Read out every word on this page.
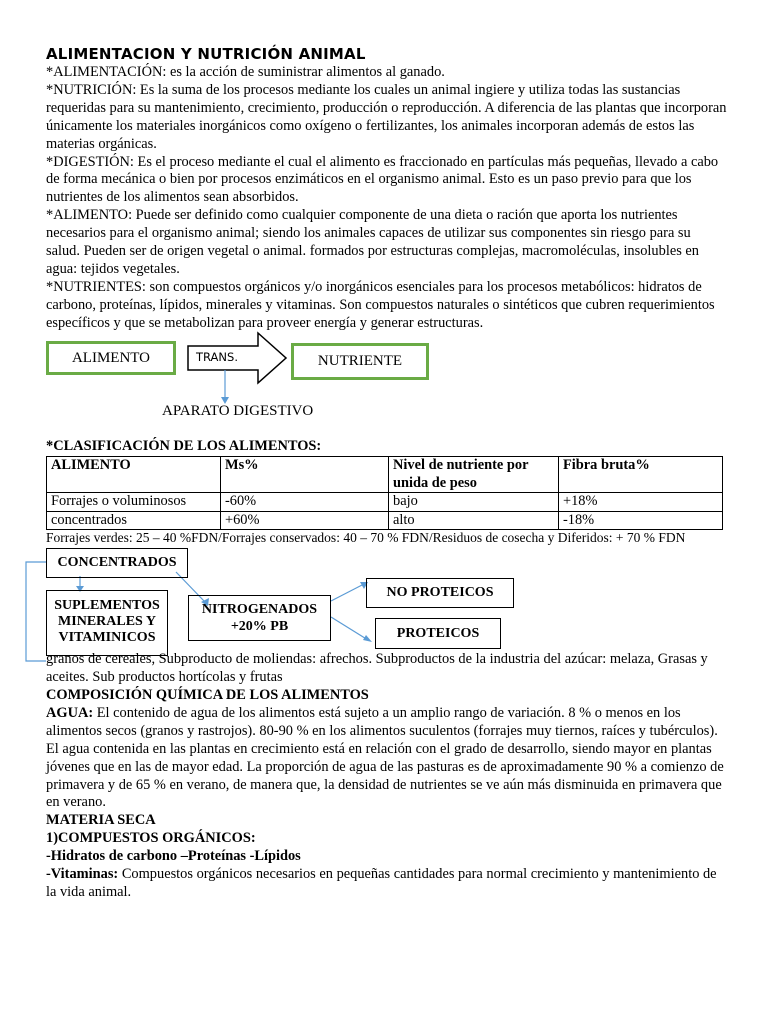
ALIMENTACION Y NUTRICIÓN ANIMAL
*ALIMENTACIÓN: es la acción de suministrar alimentos al ganado.
*NUTRICIÓN: Es la suma de los procesos mediante los cuales un animal ingiere y utiliza todas las sustancias requeridas para su mantenimiento, crecimiento, producción o reproducción. A diferencia de las plantas que incorporan únicamente los materiales inorgánicos como oxígeno o fertilizantes, los animales incorporan además de estos las materias orgánicas.
*DIGESTIÓN: Es el proceso mediante el cual el alimento es fraccionado en partículas más pequeñas, llevado a cabo de forma mecánica o bien por procesos enzimáticos en el organismo animal. Esto es un paso previo para que los nutrientes de los alimentos sean absorbidos.
*ALIMENTO: Puede ser definido como cualquier componente de una dieta o ración que aporta los nutrientes necesarios para el organismo animal; siendo los animales capaces de utilizar sus componentes sin riesgo para su salud. Pueden ser de origen vegetal o animal. formados por estructuras complejas, macromoléculas, insolubles en agua: tejidos vegetales.
*NUTRIENTES: son compuestos orgánicos y/o inorgánicos esenciales para los procesos metabólicos: hidratos de carbono, proteínas, lípidos, minerales y vitaminas. Son compuestos naturales o sintéticos que cubren requerimientos específicos y que se metabolizan para proveer energía y generar estructuras.
ALIMENTO	TRANS.	NUTRIENTE
APARATO DIGESTIVO
*CLASIFICACIÓN DE LOS ALIMENTOS:
ALIMENTO	Ms%	Nivel de nutriente por unida de peso	Fibra bruta%
Forrajes o voluminosos	-60%	bajo	+18%
concentrados	+60%	alto	-18%
Forrajes verdes: 25 – 40 %FDN/Forrajes conservados: 40 – 70 % FDN/Residuos de cosecha y Diferidos: + 70 % FDN
CONCENTRADOS
SUPLEMENTOS MINERALES Y VITAMINICOS
NITROGENADOS +20% PB
NO PROTEICOS
PROTEICOS
granos de cereales, Subproducto de moliendas: afrechos. Subproductos de la industria del azúcar: melaza, Grasas y aceites. Sub productos hortícolas y frutas
COMPOSICIÓN QUÍMICA DE LOS ALIMENTOS
AGUA: El contenido de agua de los alimentos está sujeto a un amplio rango de variación. 8 % o menos en los alimentos secos (granos y rastrojos). 80-90 % en los alimentos suculentos (forrajes muy tiernos, raíces y tubérculos). El agua contenida en las plantas en crecimiento está en relación con el grado de desarrollo, siendo mayor en plantas jóvenes que en las de mayor edad. La proporción de agua de las pasturas es de aproximadamente 90 % a comienzo de primavera y de 65 % en verano, de manera que, la densidad de nutrientes se ve aún más disminuida en primavera que en verano.
MATERIA SECA
1)COMPUESTOS ORGÁNICOS:
-Hidratos de carbono –Proteínas -Lípidos
-Vitaminas: Compuestos orgánicos necesarios en pequeñas cantidades para normal crecimiento y mantenimiento de la vida animal.
